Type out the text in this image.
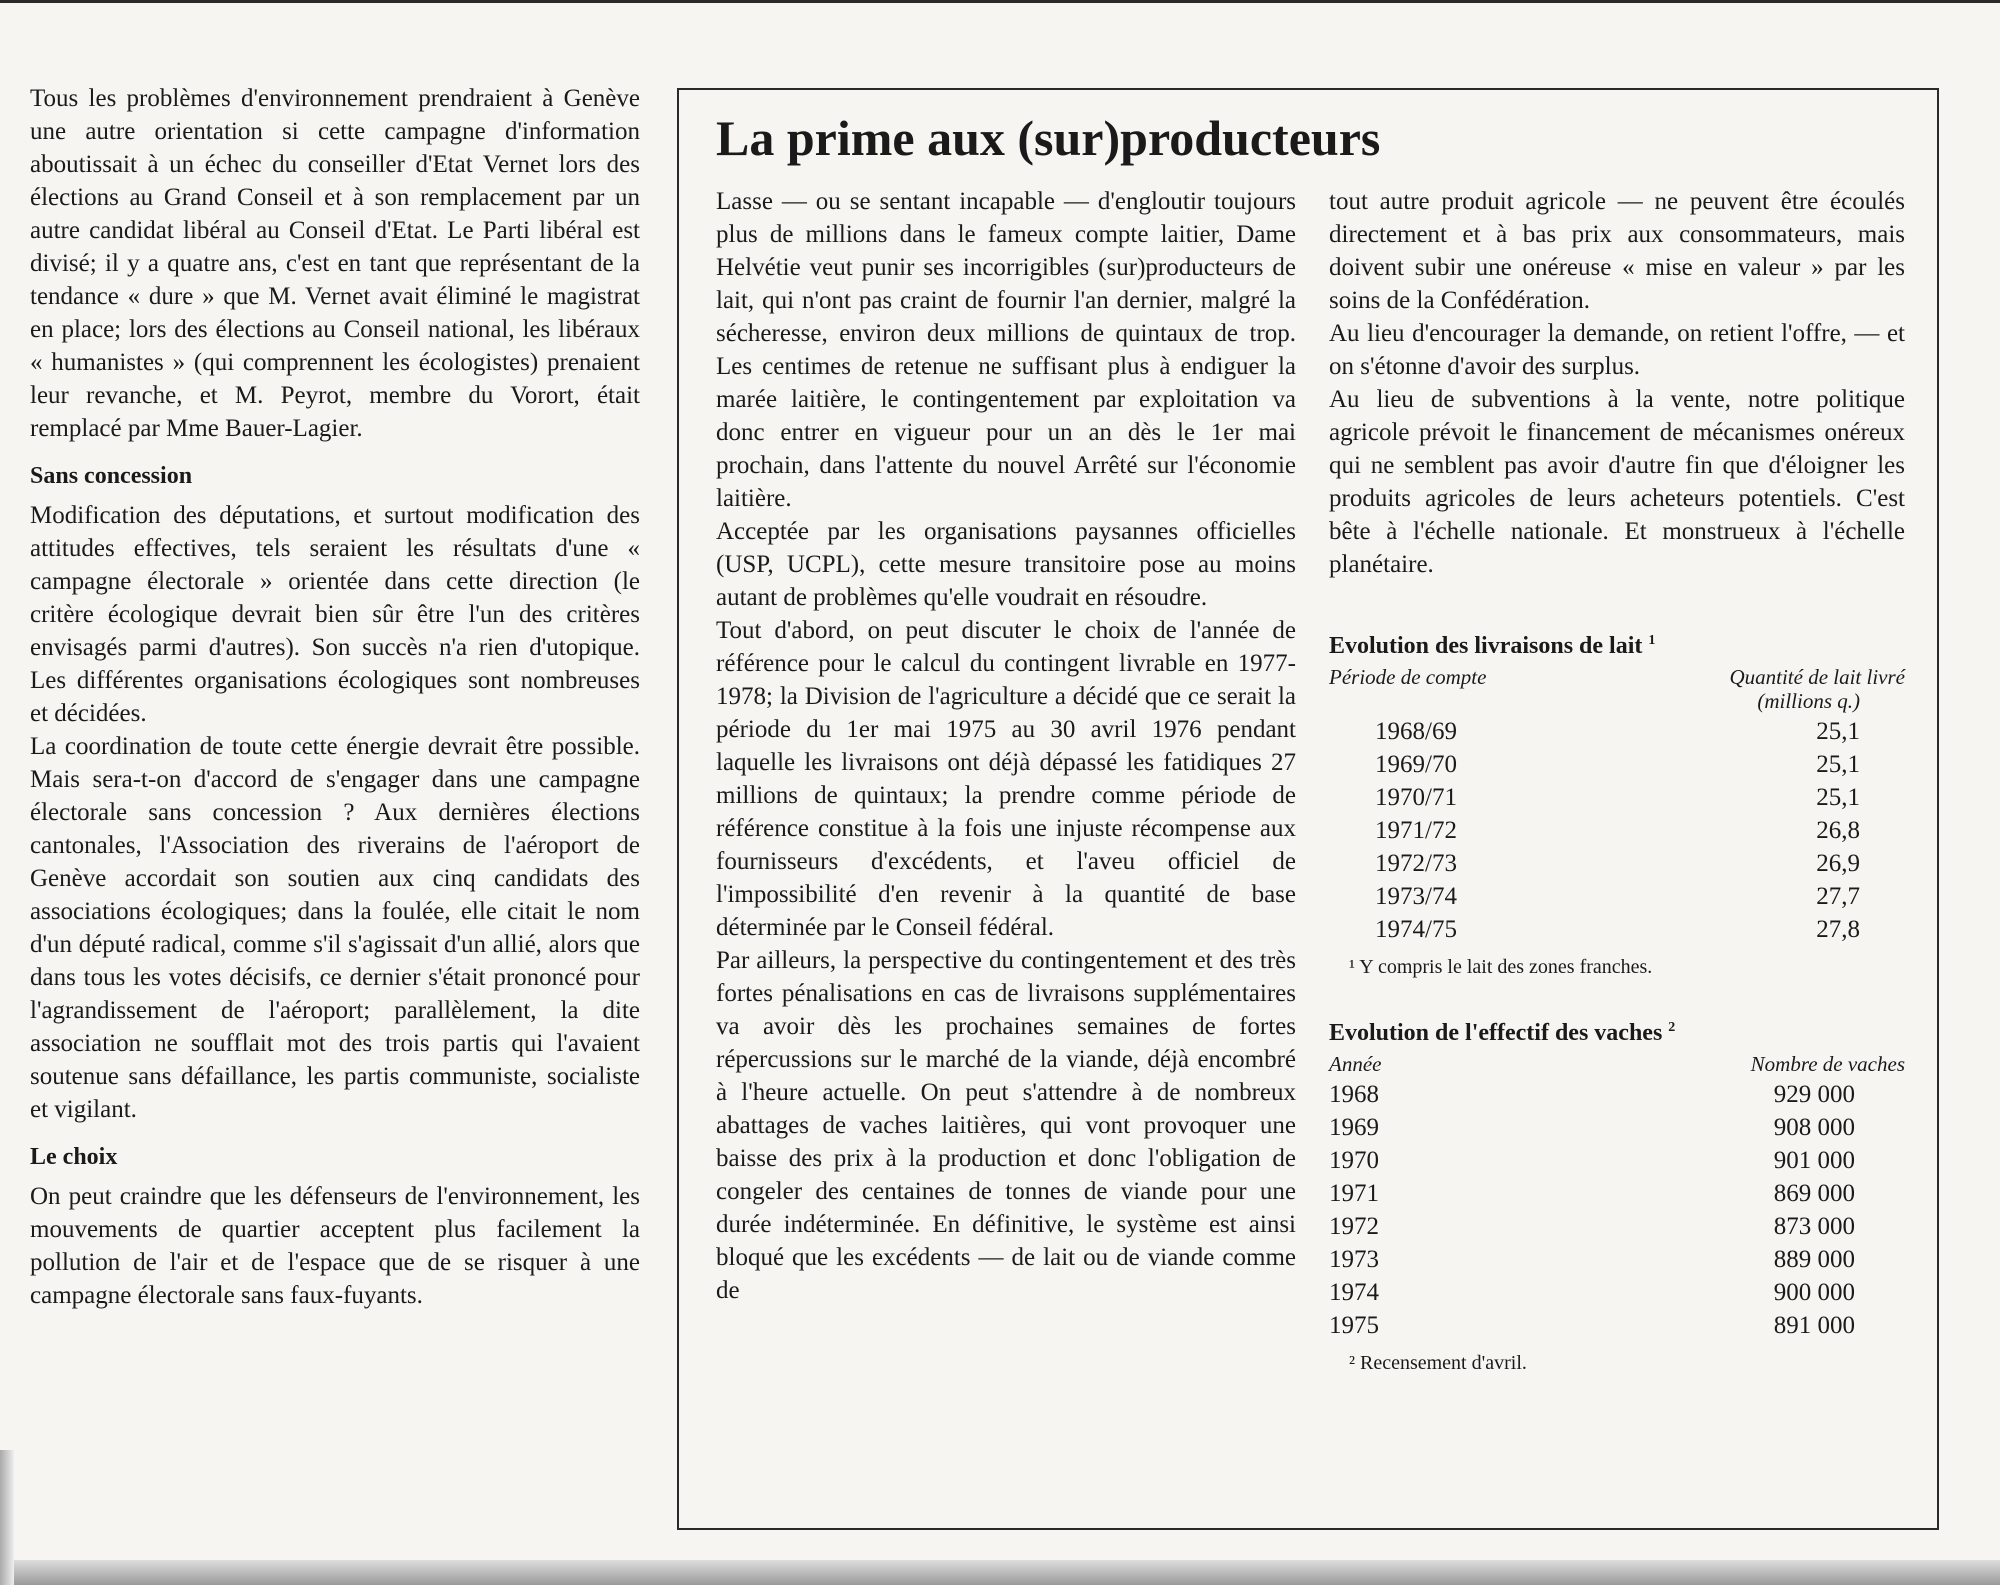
Tous les problèmes d'environnement prendraient à Genève une autre orientation si cette campagne d'information aboutissait à un échec du conseiller d'Etat Vernet lors des élections au Grand Conseil et à son remplacement par un autre candidat libéral au Conseil d'Etat. Le Parti libéral est divisé; il y a quatre ans, c'est en tant que représentant de la tendance « dure » que M. Vernet avait éliminé le magistrat en place; lors des élections au Conseil national, les libéraux « humanistes » (qui comprennent les écologistes) prenaient leur revanche, et M. Peyrot, membre du Vorort, était remplacé par Mme Bauer-Lagier.

Sans concession

Modification des députations, et surtout modification des attitudes effectives, tels seraient les résultats d'une « campagne électorale » orientée dans cette direction (le critère écologique devrait bien sûr être l'un des critères envisagés parmi d'autres). Son succès n'a rien d'utopique. Les différentes organisations écologiques sont nombreuses et décidées.

La coordination de toute cette énergie devrait être possible. Mais sera-t-on d'accord de s'engager dans une campagne électorale sans concession ? Aux dernières élections cantonales, l'Association des riverains de l'aéroport de Genève accordait son soutien aux cinq candidats des associations écologiques; dans la foulée, elle citait le nom d'un député radical, comme s'il s'agissait d'un allié, alors que dans tous les votes décisifs, ce dernier s'était prononcé pour l'agrandissement de l'aéroport; parallèlement, la dite association ne soufflait mot des trois partis qui l'avaient soutenue sans défaillance, les partis communiste, socialiste et vigilant.

Le choix

On peut craindre que les défenseurs de l'environnement, les mouvements de quartier acceptent plus facilement la pollution de l'air et de l'espace que de se risquer à une campagne électorale sans faux-fuyants.

La prime aux (sur)producteurs

Lasse — ou se sentant incapable — d'engloutir toujours plus de millions dans le fameux compte laitier, Dame Helvétie veut punir ses incorrigibles (sur)producteurs de lait, qui n'ont pas craint de fournir l'an dernier, malgré la sécheresse, environ deux millions de quintaux de trop. Les centimes de retenue ne suffisant plus à endiguer la marée laitière, le contingentement par exploitation va donc entrer en vigueur pour un an dès le 1er mai prochain, dans l'attente du nouvel Arrêté sur l'économie laitière.

Acceptée par les organisations paysannes officielles (USP, UCPL), cette mesure transitoire pose au moins autant de problèmes qu'elle voudrait en résoudre.

Tout d'abord, on peut discuter le choix de l'année de référence pour le calcul du contingent livrable en 1977-1978; la Division de l'agriculture a décidé que ce serait la période du 1er mai 1975 au 30 avril 1976 pendant laquelle les livraisons ont déjà dépassé les fatidiques 27 millions de quintaux; la prendre comme période de référence constitue à la fois une injuste récompense aux fournisseurs d'excédents, et l'aveu officiel de l'impossibilité d'en revenir à la quantité de base déterminée par le Conseil fédéral.

Par ailleurs, la perspective du contingentement et des très fortes pénalisations en cas de livraisons supplémentaires va avoir dès les prochaines semaines de fortes répercussions sur le marché de la viande, déjà encombré à l'heure actuelle. On peut s'attendre à de nombreux abattages de vaches laitières, qui vont provoquer une baisse des prix à la production et donc l'obligation de congeler des centaines de tonnes de viande pour une durée indéterminée. En définitive, le système est ainsi bloqué que les excédents — de lait ou de viande comme de

tout autre produit agricole — ne peuvent être écoulés directement et à bas prix aux consommateurs, mais doivent subir une onéreuse « mise en valeur » par les soins de la Confédération.

Au lieu d'encourager la demande, on retient l'offre, — et on s'étonne d'avoir des surplus.

Au lieu de subventions à la vente, notre politique agricole prévoit le financement de mécanismes onéreux qui ne semblent pas avoir d'autre fin que d'éloigner les produits agricoles de leurs acheteurs potentiels. C'est bête à l'échelle nationale. Et monstrueux à l'échelle planétaire.

Evolution des livraisons de lait $^1$

Période de compte	Quantité de lait livré
(millions q.)
1968/69	25,1
1969/70	25,1
1970/71	25,1
1971/72	26,8
1972/73	26,9
1973/74	27,7
1974/75	27,8

¹ Y compris le lait des zones franches.

Evolution de l'effectif des vaches $^2$

Année	Nombre de vaches
1968	929 000
1969	908 000
1970	901 000
1971	869 000
1972	873 000
1973	889 000
1974	900 000
1975	891 000

² Recensement d'avril.
